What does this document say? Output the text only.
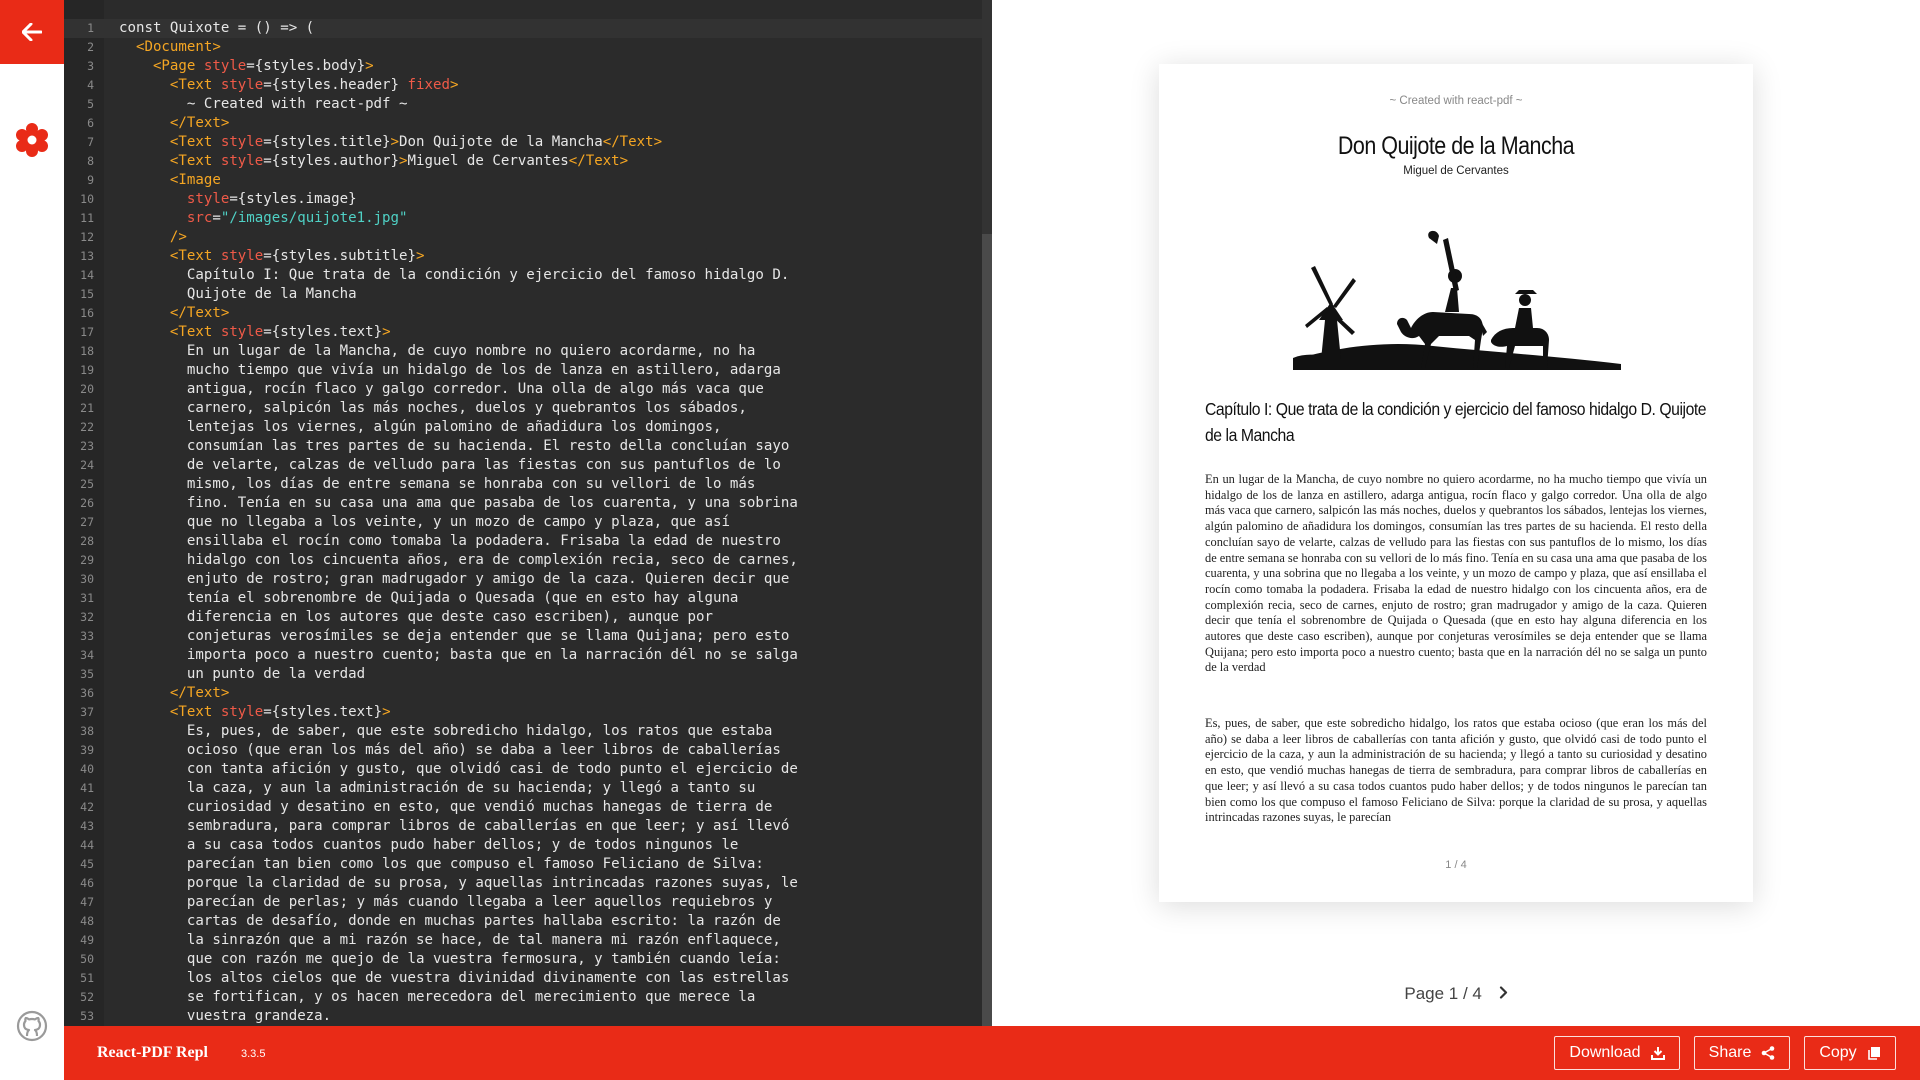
1 const Quixote = () => (
2 <Document>
3 <Page style={styles.body}>
4 <Text style={styles.header} fixed>
5 ~ Created with react-pdf ~
6 </Text>
7 <Text style={styles.title}>Don Quijote de la Mancha</Text>
8 <Text style={styles.author}>Miguel de Cervantes</Text>
9 <Image
10 style={styles.image}
11 src="/images/quijote1.jpg"
12 />
13 <Text style={styles.subtitle}>
14 Capítulo I: Que trata de la condición y ejercicio del famoso hidalgo D.
15 Quijote de la Mancha
16 </Text>
17 <Text style={styles.text}>
18 En un lugar de la Mancha, de cuyo nombre no quiero acordarme, no ha
19 mucho tiempo que vivía un hidalgo de los de lanza en astillero, adarga
20 antigua, rocín flaco y galgo corredor. Una olla de algo más vaca que
21 carnero, salpicón las más noches, duelos y quebrantos los sábados,
22 lentejas los viernes, algún palomino de añadidura los domingos,
23 consumían las tres partes de su hacienda. El resto della concluían sayo
24 de velarte, calzas de velludo para las fiestas con sus pantuflos de lo
25 mismo, los días de entre semana se honraba con su vellori de lo más
26 fino. Tenía en su casa una ama que pasaba de los cuarenta, y una sobrina
27 que no llegaba a los veinte, y un mozo de campo y plaza, que así
28 ensillaba el rocín como tomaba la podadera. Frisaba la edad de nuestro
29 hidalgo con los cincuenta años, era de complexión recia, seco de carnes,
30 enjuto de rostro; gran madrugador y amigo de la caza. Quieren decir que
31 tenía el sobrenombre de Quijada o Quesada (que en esto hay alguna
32 diferencia en los autores que deste caso escriben), aunque por
33 conjeturas verosímiles se deja entender que se llama Quijana; pero esto
34 importa poco a nuestro cuento; basta que en la narración dél no se salga
35 un punto de la verdad
36 </Text>
37 <Text style={styles.text}>
38 Es, pues, de saber, que este sobredicho hidalgo, los ratos que estaba
39 ocioso (que eran los más del año) se daba a leer libros de caballerías
40 con tanta afición y gusto, que olvidó casi de todo punto el ejercicio de
41 la caza, y aun la administración de su hacienda; y llegó a tanto su
42 curiosidad y desatino en esto, que vendió muchas hanegas de tierra de
43 sembradura, para comprar libros de caballerías en que leer; y así llevó
44 a su casa todos cuantos pudo haber dellos; y de todos ningunos le
45 parecían tan bien como los que compuso el famoso Feliciano de Silva:
46 porque la claridad de su prosa, y aquellas intrincadas razones suyas, le
47 parecían de perlas; y más cuando llegaba a leer aquellos requiebros y
48 cartas de desafío, donde en muchas partes hallaba escrito: la razón de
49 la sinrazón que a mi razón se hace, de tal manera mi razón enflaquece,
50 que con razón me quejo de la vuestra fermosura, y también cuando leía:
51 los altos cielos que de vuestra divinidad divinamente con las estrellas
52 se fortifican, y os hacen merecedora del merecimiento que merece la
53 vuestra grandeza.
~ Created with react-pdf ~
Don Quijote de la Mancha
Miguel de Cervantes
Capítulo I: Que trata de la condición y ejercicio del famoso hidalgo D. Quijote de la Mancha
En un lugar de la Mancha, de cuyo nombre no quiero acordarme, no ha mucho tiempo que vivía un hidalgo de los de lanza en astillero, adarga antigua, rocín flaco y galgo corredor. Una olla de algo más vaca que carnero, salpicón las más noches, duelos y quebrantos los sábados, lentejas los viernes, algún palomino de añadidura los domingos, consumían las tres partes de su hacienda. El resto della concluían sayo de velarte, calzas de velludo para las fiestas con sus pantuflos de lo mismo, los días de entre semana se honraba con su vellori de lo más fino. Tenía en su casa una ama que pasaba de los cuarenta, y una sobrina que no llegaba a los veinte, y un mozo de campo y plaza, que así ensillaba el rocín como tomaba la podadera. Frisaba la edad de nuestro hidalgo con los cincuenta años, era de complexión recia, seco de carnes, enjuto de rostro; gran madrugador y amigo de la caza. Quieren decir que tenía el sobrenombre de Quijada o Quesada (que en esto hay alguna diferencia en los autores que deste caso escriben), aunque por conjeturas verosímiles se deja entender que se llama Quijana; pero esto importa poco a nuestro cuento; basta que en la narración dél no se salga un punto de la verdad
Es, pues, de saber, que este sobredicho hidalgo, los ratos que estaba ocioso (que eran los más del año) se daba a leer libros de caballerías con tanta afición y gusto, que olvidó casi de todo punto el ejercicio de la caza, y aun la administración de su hacienda; y llegó a tanto su curiosidad y desatino en esto, que vendió muchas hanegas de tierra de sembradura, para comprar libros de caballerías en que leer; y así llevó a su casa todos cuantos pudo haber dellos; y de todos ningunos le parecían tan bien como los que compuso el famoso Feliciano de Silva: porque la claridad de su prosa, y aquellas intrincadas razones suyas, le parecían
1 / 4
Page 1 / 4
React-PDF Repl	3.3.5	Download	Share	Copy
